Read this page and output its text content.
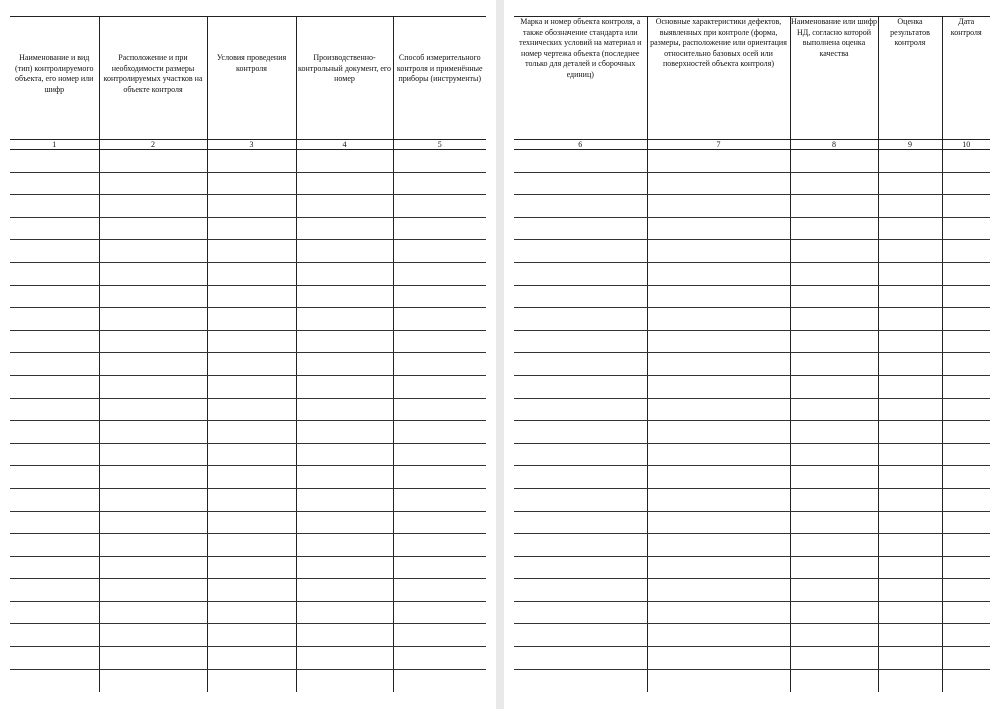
Наименование и вид (тип) контролируемого объекта, его номер или шифр	Расположение и при необходимости размеры контролируемых участков на объекте контроля	Условия проведения контроля	Производственно-контрольный документ, его номер	Способ измерительного контроля и применённые приборы (инструменты)
1	2	3	4	5

Марка и номер объекта контроля, а также обозначение стандарта или технических условий на материал и номер чертежа объекта (последнее только для деталей и сборочных единиц)	Основные характеристики дефектов, выявленных при контроле (форма, размеры, расположение или ориентация относительно базовых осей или поверхностей объекта контроля)	Наименование или шифр НД, согласно которой выполнена оценка качества	Оценка результатов контроля	Дата контроля
6	7	8	9	10
